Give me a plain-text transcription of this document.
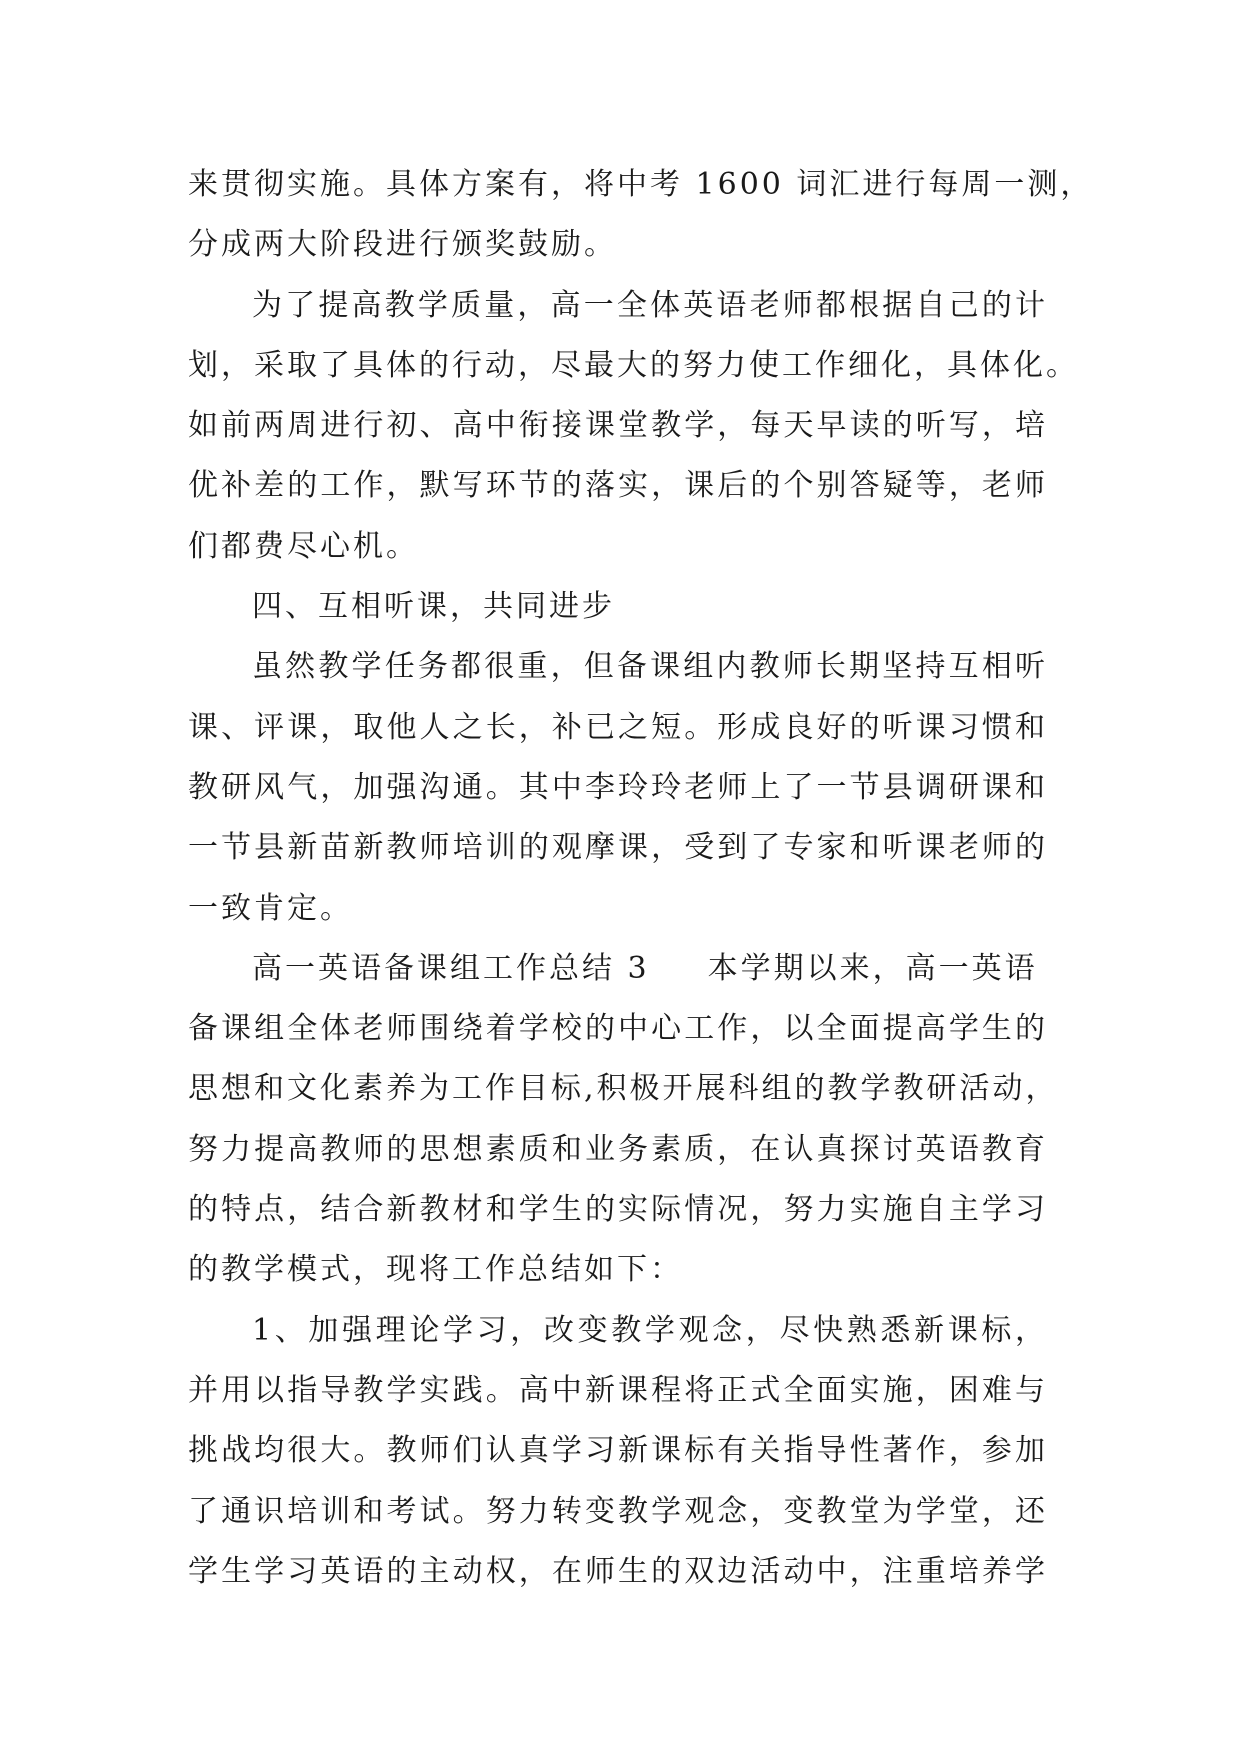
来贯彻实施。具体方案有，将中考 1600 词汇进行每周一测，
分成两大阶段进行颁奖鼓励。
为了提高教学质量，高一全体英语老师都根据自己的计
划，采取了具体的行动，尽最大的努力使工作细化，具体化。
如前两周进行初、高中衔接课堂教学，每天早读的听写，培
优补差的工作，默写环节的落实，课后的个别答疑等，老师
们都费尽心机。
四、互相听课，共同进步
虽然教学任务都很重，但备课组内教师长期坚持互相听
课、评课，取他人之长，补已之短。形成良好的听课习惯和
教研风气，加强沟通。其中李玲玲老师上了一节县调研课和
一节县新苗新教师培训的观摩课，受到了专家和听课老师的
一致肯定。
高一英语备课组工作总结 3 本学期以来，高一英语
备课组全体老师围绕着学校的中心工作，以全面提高学生的
思想和文化素养为工作目标,积极开展科组的教学教研活动，
努力提高教师的思想素质和业务素质，在认真探讨英语教育
的特点，结合新教材和学生的实际情况，努力实施自主学习
的教学模式，现将工作总结如下：
1、加强理论学习，改变教学观念，尽快熟悉新课标，
并用以指导教学实践。高中新课程将正式全面实施，困难与
挑战均很大。教师们认真学习新课标有关指导性著作，参加
了通识培训和考试。努力转变教学观念，变教堂为学堂，还
学生学习英语的主动权，在师生的双边活动中，注重培养学
